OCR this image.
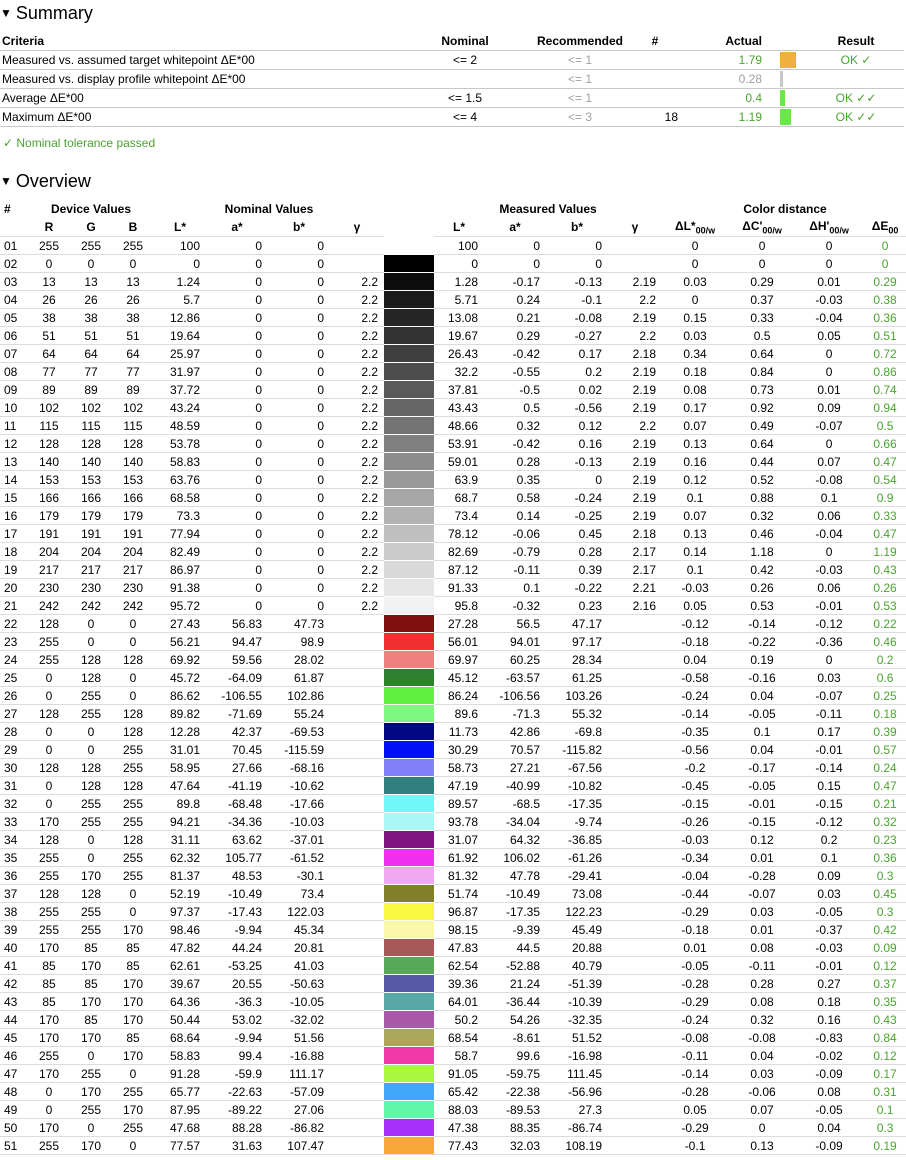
▼ Summary
Criteria	Nominal	Recommended	#	Actual			Result
Measured vs. assumed target whitepoint ΔE*00	<= 2	<= 1		1.79			OK ✓
Measured vs. display profile whitepoint ΔE*00		<= 1		0.28	

Average ΔE*00	<= 1.5	<= 1		0.4			OK ✓✓
Maximum ΔE*00	<= 4	<= 3	18	1.19			OK ✓✓
✓ Nominal tolerance passed
▼ Overview
#	Device Values			Nominal Values					Measured Values				Color distance				
	R	G	B	L*	a*	b*	γ		L*	a*	b*	γ	$\Delta L*_{00/w}$	$\Delta C'_{00/w}$	$\Delta H'_{00/w}$	$\Delta E_{00}$	
01	255	255	255	100	0	0			100	0	0		0	0	0	0	
02	0	0	0	0	0	0			0	0	0		0	0	0	0	
03	13	13	13	1.24	0	0	2.2		1.28	-0.17	-0.13	2.19	0.03	0.29	0.01	0.29	

04	26	26	26	5.7	0	0	2.2		5.71	0.24	-0.1	2.2	0	0.37	-0.03	0.38	

05	38	38	38	12.86	0	0	2.2		13.08	0.21	-0.08	2.19	0.15	0.33	-0.04	0.36	

06	51	51	51	19.64	0	0	2.2		19.67	0.29	-0.27	2.2	0.03	0.5	0.05	0.51	

07	64	64	64	25.97	0	0	2.2		26.43	-0.42	0.17	2.18	0.34	0.64	0	0.72	

08	77	77	77	31.97	0	0	2.2		32.2	-0.55	0.2	2.19	0.18	0.84	0	0.86	

09	89	89	89	37.72	0	0	2.2		37.81	-0.5	0.02	2.19	0.08	0.73	0.01	0.74	

10	102	102	102	43.24	0	0	2.2		43.43	0.5	-0.56	2.19	0.17	0.92	0.09	0.94	

11	115	115	115	48.59	0	0	2.2		48.66	0.32	0.12	2.2	0.07	0.49	-0.07	0.5	

12	128	128	128	53.78	0	0	2.2		53.91	-0.42	0.16	2.19	0.13	0.64	0	0.66	

13	140	140	140	58.83	0	0	2.2		59.01	0.28	-0.13	2.19	0.16	0.44	0.07	0.47	

14	153	153	153	63.76	0	0	2.2		63.9	0.35	0	2.19	0.12	0.52	-0.08	0.54	

15	166	166	166	68.58	0	0	2.2		68.7	0.58	-0.24	2.19	0.1	0.88	0.1	0.9	

16	179	179	179	73.3	0	0	2.2		73.4	0.14	-0.25	2.19	0.07	0.32	0.06	0.33	

17	191	191	191	77.94	0	0	2.2		78.12	-0.06	0.45	2.18	0.13	0.46	-0.04	0.47	

18	204	204	204	82.49	0	0	2.2		82.69	-0.79	0.28	2.17	0.14	1.18	0	1.19	

19	217	217	217	86.97	0	0	2.2		87.12	-0.11	0.39	2.17	0.1	0.42	-0.03	0.43	

20	230	230	230	91.38	0	0	2.2		91.33	0.1	-0.22	2.21	-0.03	0.26	0.06	0.26	

21	242	242	242	95.72	0	0	2.2		95.8	-0.32	0.23	2.16	0.05	0.53	-0.01	0.53	

22	128	0	0	27.43	56.83	47.73			27.28	56.5	47.17		-0.12	-0.14	-0.12	0.22	

23	255	0	0	56.21	94.47	98.9			56.01	94.01	97.17		-0.18	-0.22	-0.36	0.46	

24	255	128	128	69.92	59.56	28.02			69.97	60.25	28.34		0.04	0.19	0	0.2	

25	0	128	0	45.72	-64.09	61.87			45.12	-63.57	61.25		-0.58	-0.16	0.03	0.6	

26	0	255	0	86.62	-106.55	102.86			86.24	-106.56	103.26		-0.24	0.04	-0.07	0.25	

27	128	255	128	89.82	-71.69	55.24			89.6	-71.3	55.32		-0.14	-0.05	-0.11	0.18	

28	0	0	128	12.28	42.37	-69.53			11.73	42.86	-69.8		-0.35	0.1	0.17	0.39	

29	0	0	255	31.01	70.45	-115.59			30.29	70.57	-115.82		-0.56	0.04	-0.01	0.57	

30	128	128	255	58.95	27.66	-68.16			58.73	27.21	-67.56		-0.2	-0.17	-0.14	0.24	

31	0	128	128	47.64	-41.19	-10.62			47.19	-40.99	-10.82		-0.45	-0.05	0.15	0.47	

32	0	255	255	89.8	-68.48	-17.66			89.57	-68.5	-17.35		-0.15	-0.01	-0.15	0.21	

33	170	255	255	94.21	-34.36	-10.03			93.78	-34.04	-9.74		-0.26	-0.15	-0.12	0.32	

34	128	0	128	31.11	63.62	-37.01			31.07	64.32	-36.85		-0.03	0.12	0.2	0.23	

35	255	0	255	62.32	105.77	-61.52			61.92	106.02	-61.26		-0.34	0.01	0.1	0.36	

36	255	170	255	81.37	48.53	-30.1			81.32	47.78	-29.41		-0.04	-0.28	0.09	0.3	

37	128	128	0	52.19	-10.49	73.4			51.74	-10.49	73.08		-0.44	-0.07	0.03	0.45	

38	255	255	0	97.37	-17.43	122.03			96.87	-17.35	122.23		-0.29	0.03	-0.05	0.3	

39	255	255	170	98.46	-9.94	45.34			98.15	-9.39	45.49		-0.18	0.01	-0.37	0.42	

40	170	85	85	47.82	44.24	20.81			47.83	44.5	20.88		0.01	0.08	-0.03	0.09	

41	85	170	85	62.61	-53.25	41.03			62.54	-52.88	40.79		-0.05	-0.11	-0.01	0.12	

42	85	85	170	39.67	20.55	-50.63			39.36	21.24	-51.39		-0.28	0.28	0.27	0.37	

43	85	170	170	64.36	-36.3	-10.05			64.01	-36.44	-10.39		-0.29	0.08	0.18	0.35	

44	170	85	170	50.44	53.02	-32.02			50.2	54.26	-32.35		-0.24	0.32	0.16	0.43	

45	170	170	85	68.64	-9.94	51.56			68.54	-8.61	51.52		-0.08	-0.08	-0.83	0.84	

46	255	0	170	58.83	99.4	-16.88			58.7	99.6	-16.98		-0.11	0.04	-0.02	0.12	

47	170	255	0	91.28	-59.9	111.17			91.05	-59.75	111.45		-0.14	0.03	-0.09	0.17	

48	0	170	255	65.77	-22.63	-57.09			65.42	-22.38	-56.96		-0.28	-0.06	0.08	0.31	

49	0	255	170	87.95	-89.22	27.06			88.03	-89.53	27.3		0.05	0.07	-0.05	0.1	

50	170	0	255	47.68	88.28	-86.82			47.38	88.35	-86.74		-0.29	0	0.04	0.3	

51	255	170	0	77.57	31.63	107.47			77.43	32.03	108.19		-0.1	0.13	-0.09	0.19	
